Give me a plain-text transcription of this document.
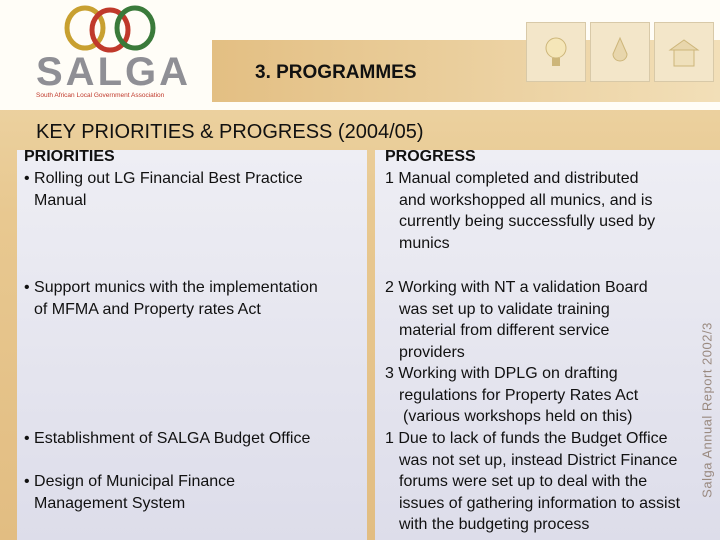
SALGA
South African Local Government Association
3. PROGRAMMES
KEY PRIORITIES & PROGRESS (2004/05)
PRIORITIES
• Rolling out LG Financial Best Practice
Manual
• Support munics with the implementation
of MFMA and Property rates Act
• Establishment of SALGA Budget Office
• Design of Municipal Finance
Management System
PROGRESS
1 Manual completed and distributed
and workshopped all munics, and is
currently being successfully used by
munics
2 Working with NT a validation Board
was set up to validate training
material from different service
providers
3 Working with DPLG on drafting
regulations for Property Rates Act
(various workshops held on this)
1 Due to lack of funds the Budget Office
was not set up, instead District Finance
forums were set up to deal with the
issues of gathering information to assist
with the budgeting process
Salga Annual Report 2002/3
